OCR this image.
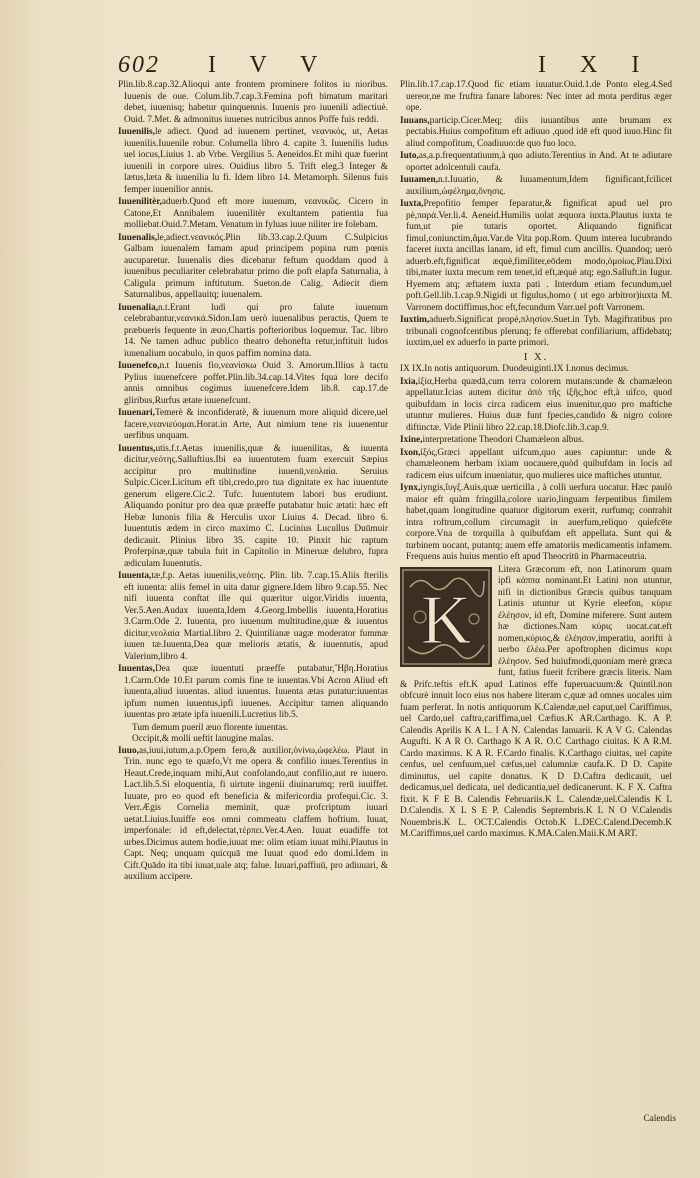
602 I V V	I X I

Plin.lib.8.cap.32.Alioqui ante frontem prominere folitos iu nioribus. Iuuenis de oue. Colum.lib.7.cap.3.Femina poft bimatum maritari debet, iuuenisq; habetur quinquennis. Iuuenis pro iuuenili adiectiuè. Ouid. 7.Met. & admonitus iuuenes nutricibus annos Poffe fuis reddi.

Iuuenilis,le adiect. Quod ad iuuenem pertinet, νεανικός, ut, Aetas iuuenilis.Iuuenile robur. Columella libro 4. capite 3. Iuuenilis ludus uel iocus,Liuius 1. ab Vrbe. Vergilius 5. Aeneidos.Et mihi quæ fuerint iuuenili in corpore uires. Ouidius libro 5. Trift eleg.3 Integer & lætus,læta & iuuenilia lu fi. Idem libro 14. Metamorph. Silenus fuis femper iuuenilior annis.

Iuuenilitèr,aduerb.Quod eft more iuuenum, νεανικῶς. Cicero in Catone,Et Annibalem iuuenilitèr exultantem patientia fua molliebat.Ouid.7.Metam. Venatum in fyluas iuue niliter ire folebam.

Iuuenalis,le,adiect.νεανικός.Plin lib.33.cap.2.Quum C.Sulpicius Galbam iuuenalem famam apud principem popina rum pœnis aucuparetur. Iuuenalis dies dicebatur feftum quoddam quod à iuuenibus peculiariter celebrabatur primo die poft elapfa Saturnalia, à Caligula primum inftitutum. Sueton.de Calig. Adiecit diem Saturnalibus, appellauitq; iuuenalem.

Iuuenalia,n.t.Erant ludi qui pro falute iuuenum celebrabantur,νεανικά.Sidon.Iam uerò iuuenalibus peractis, Quem te præbueris fequente in æuo,Chartis pofterioribus loquemur. Tac. libro 14. Ne tamen adhuc publico theatro dehonefta retur,inftituit ludos iuuenalium uocabulo, in quos paffim nomina data.

Iuuenefco,n.t Iuuenis fio,νεανίσκω Ouid 3. Amorum.Illius à tactu Pylius iuuenefcere poffet.Plin.lib.34.cap.14.Vites fqua lore decifo annis omnibus cogimus iuuenefcere.Idem lib.8. cap.17.de gliribus,Rurfus ætate iuuenefcunt.

Iuuenari,Temerè & inconfideratè, & iuuenum more aliquid dicere,uel facere,νεανιεύομαι.Horat.in Arte, Aut nimium tene ris iuuenentur uerfibus unquam.

Iuuentus,utis.f.t.Aetas iuuenilis,quæ & iuuenilitas, & iuuenta dicitur,νεότης.Salluftius.Ibi ea iuuentutem fuam exercuit Sæpius accipitur pro multitudine iuuenū,νεολαία. Seruius Sulpic.Cicer.Licitum eft tibi,credo,pro tua dignitate ex hac iuuentute generum eligere.Cic.2. Tufc. Iuuentutem labori bus erudiunt. Aliquando ponitur pro dea quæ præeffe putabatur huic ætati: hæc eft Hebæ Iunonis filia & Herculis uxor Liuius 4. Decad. libro 6. Iuuentutis ædem in circo maximo C. Lucinius Lucullus Duūmuir dedicauit. Plinius libro 35. capite 10. Pinxit hic raptum Proferpinæ,quæ tabula fuit in Capitolio in Mineruæ delubro, fupra ædiculam Iuuentutis.

Iuuenta,tæ,f.p. Aetas iuuenilis,νεότης. Plin. lib. 7.cap.15.Aliis fterilis eft iuuenta: aliis femel in uita datur gignere.Idem libro 9.cap.55. Nec nifi iuuenta conftat ille qui quæritur uigor.Viridis iuuenta, Ver.5.Aen.Audax iuuenta,Idem 4.Georg.Imbellis iuuenta,Horatius 3.Carm.Ode 2. Iuuenta, pro iuuenum multitudine,quæ & iuuentus dicitur,νεολαία Martial.libro 2. Quintilianæ uagæ moderator fummæ iuuen tæ.Iuuenta,Dea quæ melioris ætatis, & iuuentutis, apud Valerium,libro 4.

Iuuentas,Dea quæ iuuentuti præeffe putabatur,Ἥβη.Horatius 1.Carm.Ode 10.Et parum comis fine te iuuentas.Vbi Acron Aliud eft iuuenta,aliud iuuentas. aliud iuuentus. Iuuenta ætas putatur:iuuentas ipfum numen iuuentus,ipfi iuuenes. Accipitur tamen aliquando iuuentas pro ætate ipfa iuuenili.Lucretius lib.5.

Tum demum pueril æuo florente iuuentas.

Occipit,& molli ueftit lanugine malas.

Iuuo,as,iuui,iutum,a.p.Opem fero,& auxilior,ὀνίνω,ὠφελέω. Plaut in Trin. nunc ego te quæfo,Vt me opera & confilio iuues.Terentius in Heaut.Crede,inquam mihi,Aut confolando,aut confilio,aut re iuuero. Lact.lib.5.Si eloquentia, fi uirtute ingenii diuinarumq; rerū iuuiffet. Iuuate, pro eo quod eft beneficia & mifericordia profequi.Cic. 3. Verr.Ægis Cornelia meminit, quæ profcriptum iuuari uetat.Liuius.Iuuiffe eos omni commeatu claffem hoftium. Iuuat, imperfonale: id eft,delectat,τέρπει.Ver.4.Aen. Iuuat euadiffe tot urbes.Dicimus autem hodie,iuuat me: olim etiam iuuat mihi.Plautus in Capt. Neq; unquam quicquā me Iuuat quod edo domi.Idem in Cift.Quādo ita tibi iuuat,uale atq; falue. Iuuari,paffiuū, pro adiuuari, & auxilium accipere.

Plin.lib.17.cap.17.Quod fic etiam iuuatur.Ouid.1.de Ponto eleg.4.Sed uereor,ne me fruftra fanare labores: Nec inter ad mota perditus æger ope.

Iuuans,particip.Cicer.Meq; diis iuuantibus ante brumam ex pectabis.Huius compofitum eft adiuuo ,quod idē eft quod iuuo.Hinc fit aliud compofitum, Coadiuuo:de quo fuo loco.

Iuto,as,a.p.frequentatiuum,à quo adiuto.Terentius in And. At te adiutare oportet adolcentuli caufa.

Iuuamen,n.t.Iuuatio, & Iuuamentum,Idem fignificant,fcilicet auxilium,ὠφέλημα,ὄνησις.

Iuxta,Prepofitio femper feparatur,& fignificat apud uel pro pè,παρά.Ver.li.4. Aeneid.Humilis uolat æquora iuxta.Plautus iuxta te fum,ut pie tutaris oportet. Aliquando fignificat fimul,coniunctim,ἅμα.Var.de Vita pop.Rom. Quum interea lucubrando faceret iuxta ancillas lanam, id eft, fimul cum ancillis. Quandoq; uerò aduerb.eft,fignificat æquè,fimiliter,eōdem modo,ὁμοίως.Plau.Dixi tibi,mater iuxta mecum rem tenet,id eft,æquè atq; ego.Salluft.in Iugur. Hyemem atq; æftatem iuxta pati . Interdum etiam fecundum,uel poft.Gell.lib.1.cap.9.Nigidi ut figulus,homo ( ut ego arbitror)iuxta M. Varronem doctiffimus,hoc eft,fecundum Varr.uel poft Varronem.

Iuxtim,aduerb.Significat propè,πλησίον.Suet.in Tyb. Magiftratibus pro tribunali cognofcentibus plerunq; fe offerebat confiliarium, affidebatq; iuxtim,uel ex aduerfo in parte primori.

I X.

IX IX.In notis antiquorum. Duodeuiginti.IX I.nonus decimus.

Ixia,ἰξία,Herba quædā,cum terra colorem mutans:unde & chamæleon appellatur.Icias autem dicitur ἀπὸ τῆς ἰξῆς,hoc eft,à uifco, quod quibufdam in locis circa radicem eius inuenitur,quo pro maftiche utuntur mulieres. Huius duæ funt fpecies,candido & nigro colore diftinctæ. Vide Plinii libro 22.cap.18.Diofc.lib.3.cap.9.

Ixine,interpretatione Theodori Chamæleon albus.

Ixon,ἰξός,Græci appellant uifcum,quo aues capiuntur: unde & chamæleonem herbam ixiam uocauere,quòd quibufdam in locis ad radicem eius uifcum inueniatur, quo mulieres uice maftiches utuntur.

Iynx,iyngis,ἴυγξ.Auis,quæ uerticilla , à colli uerfura uocatur. Hæc paulò maior eft quàm fringilla,colore uario,linguam ferpentibus fimilem habet,quam longitudine quatuor digitorum exerit, rurfumq; contrahit intra roftrum,collum circumagit in auerfum,reliquo quiefcēte corpore.Vna de torquilla à quibufdam eft appellata. Sunt qui & turbinem uocant, putantq; auem effe amatoriis medicamentis infamem. Frequens auis huius mentio eft apud Theocritū in Pharmaceutria.

K
Litera Græcorum eft, non Latinorum quam ipfi κάππα nominant.Et Latini non utuntur, nifi in dictionibus Græcis quibus tanquam Latinis utuntur ut Kyrie eleefon, κύριε ἐλέησον, id eft, Domine miferere. Sunt autem hæ dictiones.Nam κύρις uocat.cat.eft nomen,κύριος,& ἐλέησον,imperatiu, aorifti à uerbo ἐλέω.Per apoftrophen dicimus κυρι ἐλέησον. Sed huiufmodi,quoniam merè græca funt, fatius fuerit fcribere græcis literis. Nam & Prifc.teftis eft.K apud Latinos effe fuperuacuum:& Quintil.non obfcurè innuit loco eius nos habere literam c,quæ ad omnes uocales uim fuam perferat. In notis antiquorum K.Calendæ,uel caput,uel Cariffimus, uel Cardo,uel caftra,cariffima,uel Cæfius.K AR.Carthago. K. A P. Calendis Aprilis K A L. I A N. Calendas Ianuarii. K A V G. Calendas Augufti. K A R O. Carthago K A R. O.C Carthago ciuitas. K A R.M. Cardo maximus. K A R. F.Cardo finalis. K.Carthago ciuitas, uel capite cenfus, uel cenfuum,uel cæfus,uel calumniæ caufa.K. D D. Capite diminutus, uel capite donatus. K D D.Caftra dedicauit, uel dedicamus,uel dedicata, uel dedicantia,uel dedicanerunt. K. F X. Caftra fixit. K F E B. Calendis Februariis.K L. Calendæ,uel.Calendis K L D.Calendis. X L S E P. Calendis Septembris.K L N O V.Calendis Nouembris.K L. OCT.Calendis Octob.K L.DEC.Calend.Decemb.K M.Cariffimus,uel cardo maximus. K.MA.Calen.Maii.K.M ART.
Calendis
